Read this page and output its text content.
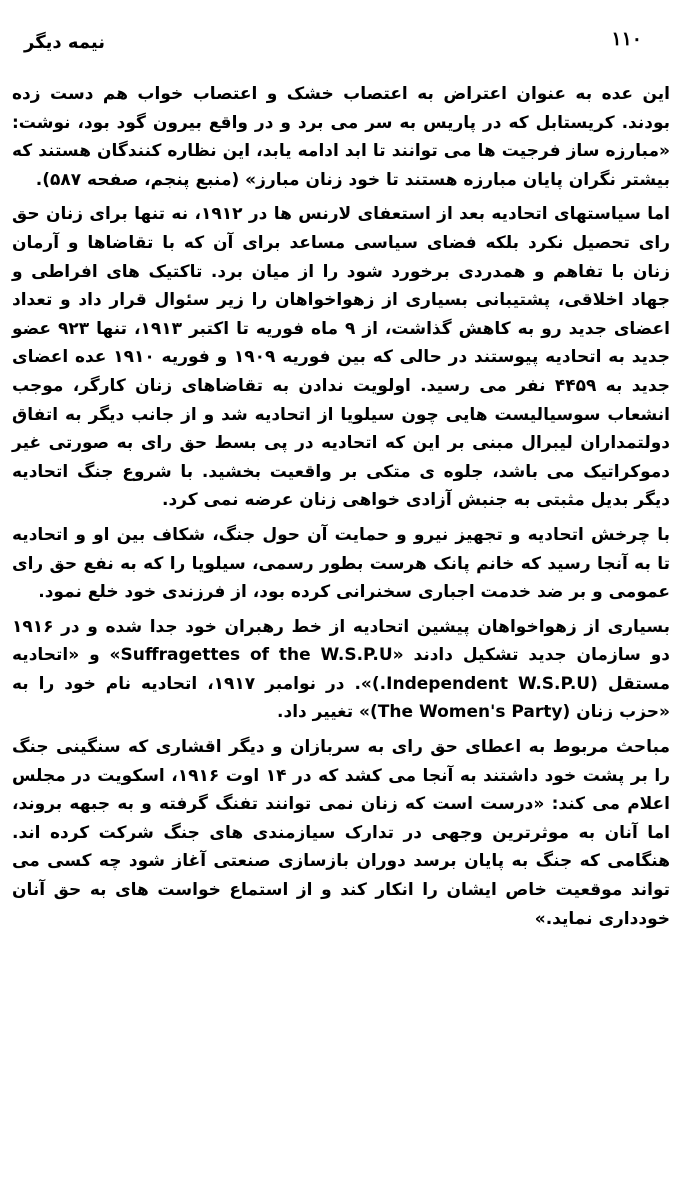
۱۱۰
نیمه دیگر

این عده به عنوان اعتراض به اعتصاب خشک و اعتصاب خواب هم دست زده بودند. کریستابل که در پاریس به سر می برد و در واقع بیرون گود بود، نوشت: «مبارزه ساز فرجیت ها می توانند تا ابد ادامه یابد، این نظاره کنندگان هستند که بیشتر نگران پایان مبارزه هستند تا خود زنان مبارز» (منبع پنجم، صفحه ۵۸۷).

اما سیاستهای اتحادیه بعد از استعفای لارنس ها در ۱۹۱۲، نه تنها برای زنان حق رای تحصیل نکرد بلکه فضای سیاسی مساعد برای آن که با تقاضاها و آرمان زنان با تفاهم و همدردی برخورد شود را از میان برد. تاکتیک های افراطی و جهاد اخلاقی، پشتیبانی بسیاری از زهواخواهان را زیر سئوال قرار داد و تعداد اعضای جدید رو به کاهش گذاشت، از ۹ ماه فوریه تا اکتبر ۱۹۱۳، تنها ۹۲۳ عضو جدید به اتحادیه پیوستند در حالی که بین فوریه ۱۹۰۹ و فوریه ۱۹۱۰ عده اعضای جدید به ۴۴۵۹ نفر می رسید. اولویت ندادن به تقاضاهای زنان کارگر، موجب انشعاب سوسیالیست هایی چون سیلویا از اتحادیه شد و از جانب دیگر به اتفاق دولتمداران لیبرال مبنی بر این که اتحادیه در پی بسط حق رای به صورتی غیر دموکراتیک می باشد، جلوه ی متکی بر واقعیت بخشید. با شروع جنگ اتحادیه دیگر بدیل مثبتی به جنبش آزادی خواهی زنان عرضه نمی کرد.

با چرخش اتحادیه و تجهیز نیرو و حمایت آن حول جنگ، شکاف بین او و اتحادیه تا به آنجا رسید که خانم پانک هرست بطور رسمی، سیلویا را که به نفع حق رای عمومی و بر ضد خدمت اجباری سخنرانی کرده بود، از فرزندی خود خلع نمود.

بسیاری از زهواخواهان پیشین اتحادیه از خط رهبران خود جدا شده و در ۱۹۱۶ دو سازمان جدید تشکیل دادند «Suffragettes of the W.S.P.U» و «اتحادیه مستقل (Independent W.S.P.U.)». در نوامبر ۱۹۱۷، اتحادیه نام خود را به «حزب زنان (The Women's Party)» تغییر داد.

مباحث مربوط به اعطای حق رای به سربازان و دیگر اقشاری که سنگینی جنگ را بر پشت خود داشتند به آنجا می کشد که در ۱۴ اوت ۱۹۱۶، اسکویت در مجلس اعلام می کند: «درست است که زنان نمی توانند تفنگ گرفته و به جبهه بروند، اما آنان به موثرترین وجهی در تدارک سیازمندی های جنگ شرکت کرده اند. هنگامی که جنگ به پایان برسد دوران بازسازی صنعتی آغاز شود چه کسی می تواند موقعیت خاص ایشان را انکار کند و از استماع خواست های به حق آنان خودداری نماید.»
